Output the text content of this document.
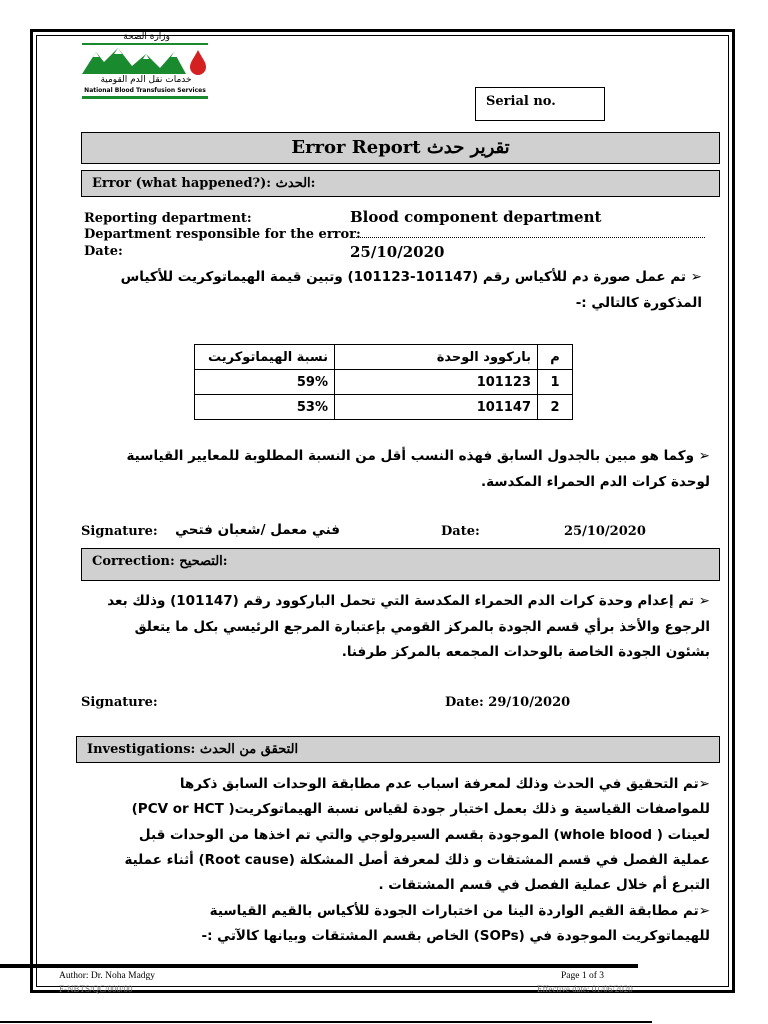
وزارة الصحة
خدمات نقل الدم القومية
National Blood Transfusion Services
Serial no.
Error Report تقرير حدث
Error (what happened?): الحدث:
Reporting department:	Blood component department
Department responsible for the error:
Date:	25/10/2020
➢ تم عمل صورة دم للأكياس رقم (101147-101123) وتبين قيمة الهيماتوكريت للأكياس
المذكورة كالتالي :-
م	باركوود الوحدة	نسبة الهيماتوكريت
1	101123	59%
2	101147	53%
➢ وكما هو مبين بالجدول السابق فهذه النسب أقل من النسبة المطلوبة للمعايير القياسية
لوحدة كرات الدم الحمراء المكدسة.
Signature:	فني معمل /شعبان فتحي	Date:	25/10/2020
Correction: التصحيح:
➢ تم إعدام وحدة كرات الدم الحمراء المكدسة التي تحمل الباركوود رقم (101147) وذلك بعد
الرجوع والأخذ برأي قسم الجودة بالمركز القومي بإعتبارة المرجع الرئيسي بكل ما يتعلق
بشئون الجودة الخاصة بالوحدات المجمعه بالمركز طرفنا.
Signature:	Date: 29/10/2020
Investigations: التحقق من الحدث
➢تم التحقيق في الحدث وذلك لمعرفة اسباب عدم مطابقة الوحدات السابق ذكرها
للمواصفات القياسية و ذلك بعمل اختبار جودة لقياس نسبة الهيماتوكريت( PCV or HCT)
لعينات ( whole blood) الموجودة بقسم السيرولوجي والتي تم اخذها من الوحدات قبل
عملية الفصل في قسم المشتقات و ذلك لمعرفة أصل المشكلة (Root cause) أثناء عملية
التبرع أم خلال عملية الفصل في قسم المشتقات .
➢تم مطابقة القيم الواردة الينا من اختبارات الجودة للأكياس بالقيم القياسية
للهيماتوكريت الموجودة في (SOPs) الخاص بقسم المشتقات وبيانها كالآتي :-
Author: Dr. Noha Madgy	Page 1 of 3
F-NBTS/QC/000/00	Effective date: 01/06/2020
